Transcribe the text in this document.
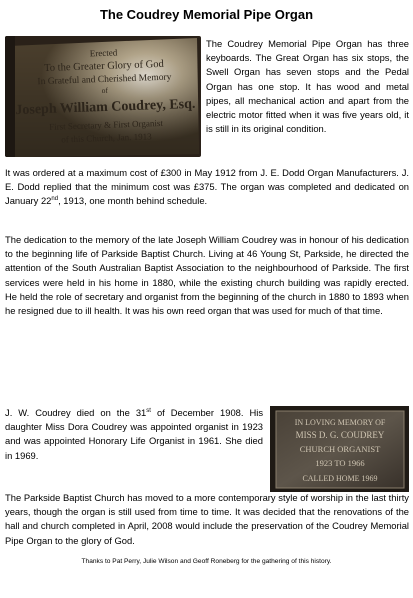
The Coudrey Memorial Pipe Organ
Erected
To the Greater Glory of God
In Grateful and Cherished Memory
of
Joseph William Coudrey, Esq.
First Secretary & First Organist
of this Church, Jan. 1913

The Coudrey Memorial Pipe Organ has three keyboards. The Great Organ has six stops, the Swell Organ has seven stops and the Pedal Organ has one stop. It has wood and metal pipes, all mechanical action and apart from the electric motor fitted when it was five years old, it is still in its original condition.

It was ordered at a maximum cost of £300 in May 1912 from J. E. Dodd Organ Manufacturers. J. E. Dodd replied that the minimum cost was £375. The organ was completed and dedicated on January 22nd, 1913, one month behind schedule.

The dedication to the memory of the late Joseph William Coudrey was in honour of his dedication to the beginning life of Parkside Baptist Church. Living at 46 Young St, Parkside, he directed the attention of the South Australian Baptist Association to the neighbourhood of Parkside. The first services were held in his home in 1880, while the existing church building was rapidly erected. He held the role of secretary and organist from the beginning of the church in 1880 to 1893 when he resigned due to ill health. It was his own reed organ that was used for much of that time.

J. W. Coudrey died on the 31st of December 1908. His daughter Miss Dora Coudrey was appointed organist in 1923 and was appointed Honorary Life Organist in 1961. She died in 1969.

IN LOVING MEMORY OF
MISS D. G. COUDREY
CHURCH ORGANIST
1923 TO 1966
CALLED HOME 1969

The Parkside Baptist Church has moved to a more contemporary style of worship in the last thirty years, though the organ is still used from time to time. It was decided that the renovations of the hall and church completed in April, 2008 would include the preservation of the Coudrey Memorial Pipe Organ to the glory of God.

Thanks to Pat Perry, Julie Wilson and Geoff Roneberg for the gathering of this history.
